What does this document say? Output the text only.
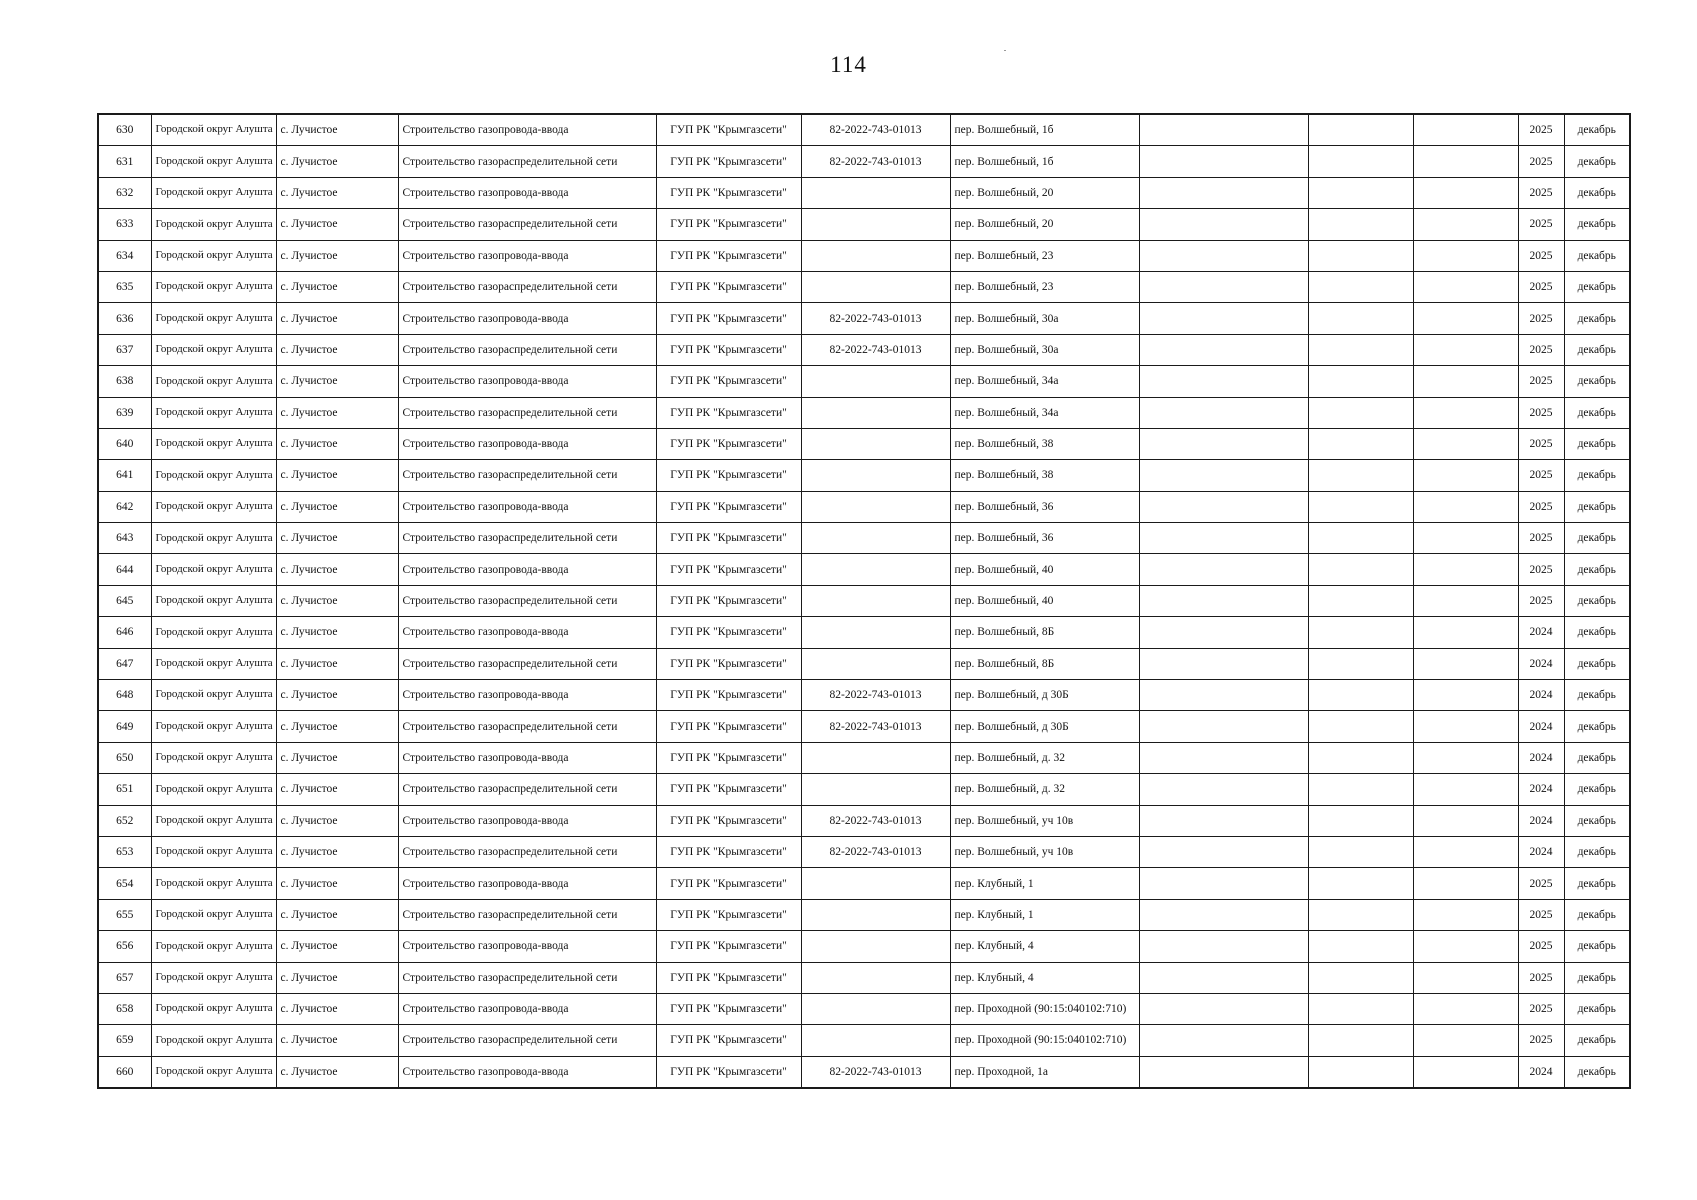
114
630	Городской округ Алушта	с. Лучистое	Строительство газопровода-ввода	ГУП РК "Крымгазсети"	82-2022-743-01013	пер. Волшебный, 1б				2025	декабрь
631	Городской округ Алушта	с. Лучистое	Строительство газораспределительной сети	ГУП РК "Крымгазсети"	82-2022-743-01013	пер. Волшебный, 1б				2025	декабрь
632	Городской округ Алушта	с. Лучистое	Строительство газопровода-ввода	ГУП РК "Крымгазсети"		пер. Волшебный, 20				2025	декабрь
633	Городской округ Алушта	с. Лучистое	Строительство газораспределительной сети	ГУП РК "Крымгазсети"		пер. Волшебный, 20				2025	декабрь
634	Городской округ Алушта	с. Лучистое	Строительство газопровода-ввода	ГУП РК "Крымгазсети"		пер. Волшебный, 23				2025	декабрь
635	Городской округ Алушта	с. Лучистое	Строительство газораспределительной сети	ГУП РК "Крымгазсети"		пер. Волшебный, 23				2025	декабрь
636	Городской округ Алушта	с. Лучистое	Строительство газопровода-ввода	ГУП РК "Крымгазсети"	82-2022-743-01013	пер. Волшебный, 30а				2025	декабрь
637	Городской округ Алушта	с. Лучистое	Строительство газораспределительной сети	ГУП РК "Крымгазсети"	82-2022-743-01013	пер. Волшебный, 30а				2025	декабрь
638	Городской округ Алушта	с. Лучистое	Строительство газопровода-ввода	ГУП РК "Крымгазсети"		пер. Волшебный, 34а				2025	декабрь
639	Городской округ Алушта	с. Лучистое	Строительство газораспределительной сети	ГУП РК "Крымгазсети"		пер. Волшебный, 34а				2025	декабрь
640	Городской округ Алушта	с. Лучистое	Строительство газопровода-ввода	ГУП РК "Крымгазсети"		пер. Волшебный, 38				2025	декабрь
641	Городской округ Алушта	с. Лучистое	Строительство газораспределительной сети	ГУП РК "Крымгазсети"		пер. Волшебный, 38				2025	декабрь
642	Городской округ Алушта	с. Лучистое	Строительство газопровода-ввода	ГУП РК "Крымгазсети"		пер. Волшебный, 36				2025	декабрь
643	Городской округ Алушта	с. Лучистое	Строительство газораспределительной сети	ГУП РК "Крымгазсети"		пер. Волшебный, 36				2025	декабрь
644	Городской округ Алушта	с. Лучистое	Строительство газопровода-ввода	ГУП РК "Крымгазсети"		пер. Волшебный, 40				2025	декабрь
645	Городской округ Алушта	с. Лучистое	Строительство газораспределительной сети	ГУП РК "Крымгазсети"		пер. Волшебный, 40				2025	декабрь
646	Городской округ Алушта	с. Лучистое	Строительство газопровода-ввода	ГУП РК "Крымгазсети"		пер. Волшебный, 8Б				2024	декабрь
647	Городской округ Алушта	с. Лучистое	Строительство газораспределительной сети	ГУП РК "Крымгазсети"		пер. Волшебный, 8Б				2024	декабрь
648	Городской округ Алушта	с. Лучистое	Строительство газопровода-ввода	ГУП РК "Крымгазсети"	82-2022-743-01013	пер. Волшебный, д 30Б				2024	декабрь
649	Городской округ Алушта	с. Лучистое	Строительство газораспределительной сети	ГУП РК "Крымгазсети"	82-2022-743-01013	пер. Волшебный, д 30Б				2024	декабрь
650	Городской округ Алушта	с. Лучистое	Строительство газопровода-ввода	ГУП РК "Крымгазсети"		пер. Волшебный, д. 32				2024	декабрь
651	Городской округ Алушта	с. Лучистое	Строительство газораспределительной сети	ГУП РК "Крымгазсети"		пер. Волшебный, д. 32				2024	декабрь
652	Городской округ Алушта	с. Лучистое	Строительство газопровода-ввода	ГУП РК "Крымгазсети"	82-2022-743-01013	пер. Волшебный, уч 10в				2024	декабрь
653	Городской округ Алушта	с. Лучистое	Строительство газораспределительной сети	ГУП РК "Крымгазсети"	82-2022-743-01013	пер. Волшебный, уч 10в				2024	декабрь
654	Городской округ Алушта	с. Лучистое	Строительство газопровода-ввода	ГУП РК "Крымгазсети"		пер. Клубный, 1				2025	декабрь
655	Городской округ Алушта	с. Лучистое	Строительство газораспределительной сети	ГУП РК "Крымгазсети"		пер. Клубный, 1				2025	декабрь
656	Городской округ Алушта	с. Лучистое	Строительство газопровода-ввода	ГУП РК "Крымгазсети"		пер. Клубный, 4				2025	декабрь
657	Городской округ Алушта	с. Лучистое	Строительство газораспределительной сети	ГУП РК "Крымгазсети"		пер. Клубный, 4				2025	декабрь
658	Городской округ Алушта	с. Лучистое	Строительство газопровода-ввода	ГУП РК "Крымгазсети"		пер. Проходной (90:15:040102:710)				2025	декабрь
659	Городской округ Алушта	с. Лучистое	Строительство газораспределительной сети	ГУП РК "Крымгазсети"		пер. Проходной (90:15:040102:710)				2025	декабрь
660	Городской округ Алушта	с. Лучистое	Строительство газопровода-ввода	ГУП РК "Крымгазсети"	82-2022-743-01013	пер. Проходной, 1а				2024	декабрь
